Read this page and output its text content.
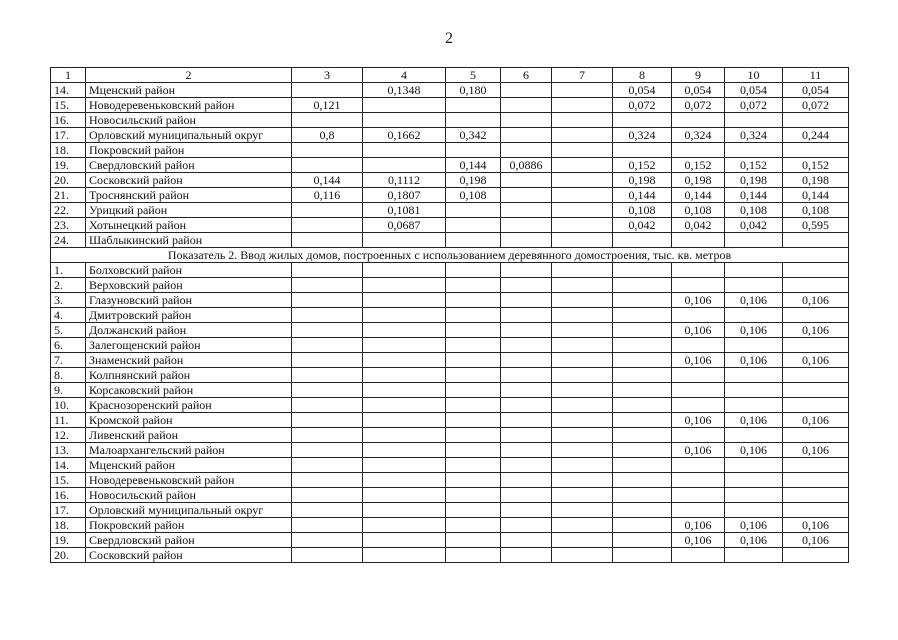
2
1	2	3	4	5	6	7	8	9	10	11
14.	Мценский район		0,1348	0,180			0,054	0,054	0,054	0,054
15.	Новодеревеньковский район	0,121					0,072	0,072	0,072	0,072
16.	Новосильский район									
17.	Орловский муниципальный округ	0,8	0,1662	0,342			0,324	0,324	0,324	0,244
18.	Покровский район									
19.	Свердловский район			0,144	0,0886		0,152	0,152	0,152	0,152
20.	Сосковский район	0,144	0,1112	0,198			0,198	0,198	0,198	0,198
21.	Троснянский район	0,116	0,1807	0,108			0,144	0,144	0,144	0,144
22.	Урицкий район		0,1081				0,108	0,108	0,108	0,108
23.	Хотынецкий район		0,0687				0,042	0,042	0,042	0,595
24.	Шаблыкинский район									
Показатель 2. Ввод жилых домов, построенных с использованием деревянного домостроения, тыс. кв. метров										
1.	Болховский район									
2.	Верховский район									
3.	Глазуновский район							0,106	0,106	0,106
4.	Дмитровский район									
5.	Должанский район							0,106	0,106	0,106
6.	Залегощенский район									
7.	Знаменский район							0,106	0,106	0,106
8.	Колпнянский район									
9.	Корсаковский район									
10.	Краснозоренский район									
11.	Кромской район							0,106	0,106	0,106
12.	Ливенский район									
13.	Малоархангельский район							0,106	0,106	0,106
14.	Мценский район									
15.	Новодеревеньковский район									
16.	Новосильский район									
17.	Орловский муниципальный округ									
18.	Покровский район							0,106	0,106	0,106
19.	Свердловский район							0,106	0,106	0,106
20.	Сосковский район									
